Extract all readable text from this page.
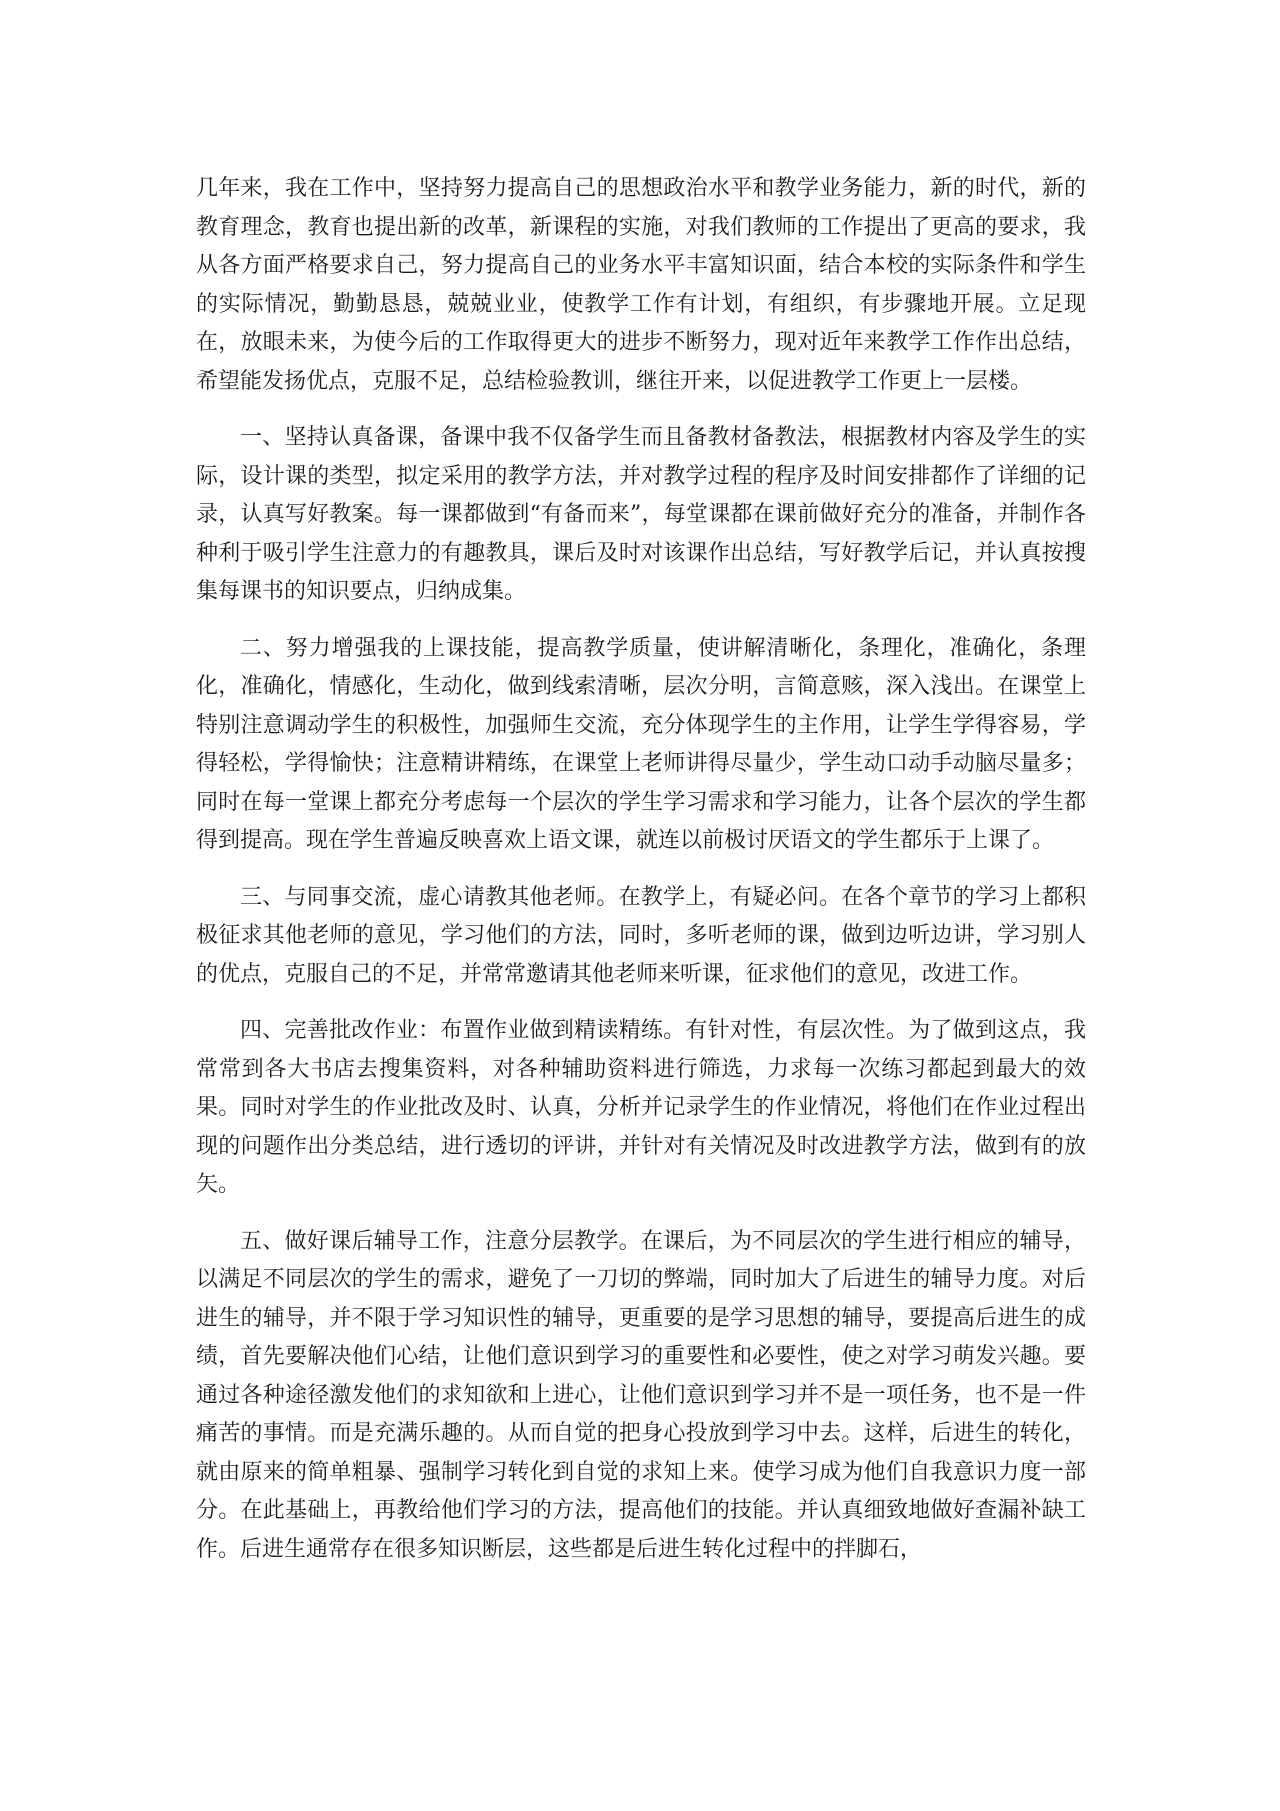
几年来，我在工作中，坚持努力提高自己的思想政治水平和教学业务能力，新的时代，新的教育理念，教育也提出新的改革，新课程的实施，对我们教师的工作提出了更高的要求，我从各方面严格要求自己，努力提高自己的业务水平丰富知识面，结合本校的实际条件和学生的实际情况，勤勤恳恳，兢兢业业，使教学工作有计划，有组织，有步骤地开展。立足现在，放眼未来，为使今后的工作取得更大的进步不断努力，现对近年来教学工作作出总结，希望能发扬优点，克服不足，总结检验教训，继往开来，以促进教学工作更上一层楼。

一、坚持认真备课，备课中我不仅备学生而且备教材备教法，根据教材内容及学生的实际，设计课的类型，拟定采用的教学方法，并对教学过程的程序及时间安排都作了详细的记录，认真写好教案。每一课都做到“有备而来”，每堂课都在课前做好充分的准备，并制作各种利于吸引学生注意力的有趣教具，课后及时对该课作出总结，写好教学后记，并认真按搜集每课书的知识要点，归纳成集。

二、努力增强我的上课技能，提高教学质量，使讲解清晰化，条理化，准确化，条理化，准确化，情感化，生动化，做到线索清晰，层次分明，言简意赅，深入浅出。在课堂上特别注意调动学生的积极性，加强师生交流，充分体现学生的主作用，让学生学得容易，学得轻松，学得愉快；注意精讲精练，在课堂上老师讲得尽量少，学生动口动手动脑尽量多；同时在每一堂课上都充分考虑每一个层次的学生学习需求和学习能力，让各个层次的学生都得到提高。现在学生普遍反映喜欢上语文课，就连以前极讨厌语文的学生都乐于上课了。

三、与同事交流，虚心请教其他老师。在教学上，有疑必问。在各个章节的学习上都积极征求其他老师的意见，学习他们的方法，同时，多听老师的课，做到边听边讲，学习别人的优点，克服自己的不足，并常常邀请其他老师来听课，征求他们的意见，改进工作。

四、完善批改作业：布置作业做到精读精练。有针对性，有层次性。为了做到这点，我常常到各大书店去搜集资料，对各种辅助资料进行筛选，力求每一次练习都起到最大的效果。同时对学生的作业批改及时、认真，分析并记录学生的作业情况，将他们在作业过程出现的问题作出分类总结，进行透切的评讲，并针对有关情况及时改进教学方法，做到有的放矢。

五、做好课后辅导工作，注意分层教学。在课后，为不同层次的学生进行相应的辅导，以满足不同层次的学生的需求，避免了一刀切的弊端，同时加大了后进生的辅导力度。对后进生的辅导，并不限于学习知识性的辅导，更重要的是学习思想的辅导，要提高后进生的成绩，首先要解决他们心结，让他们意识到学习的重要性和必要性，使之对学习萌发兴趣。要通过各种途径激发他们的求知欲和上进心，让他们意识到学习并不是一项任务，也不是一件痛苦的事情。而是充满乐趣的。从而自觉的把身心投放到学习中去。这样，后进生的转化，就由原来的简单粗暴、强制学习转化到自觉的求知上来。使学习成为他们自我意识力度一部分。在此基础上，再教给他们学习的方法，提高他们的技能。并认真细致地做好查漏补缺工作。后进生通常存在很多知识断层，这些都是后进生转化过程中的拌脚石，
